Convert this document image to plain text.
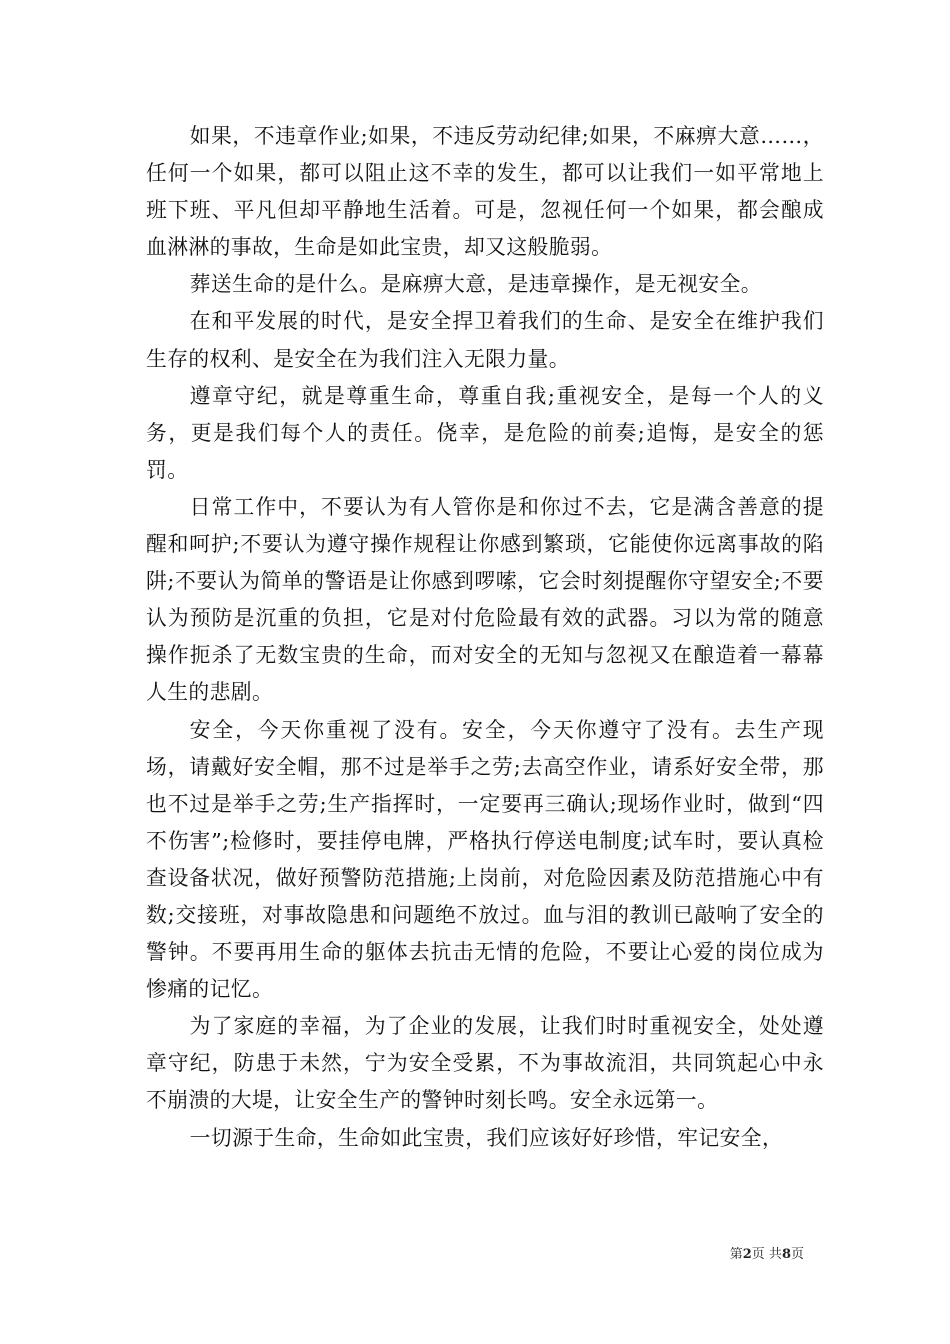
如果，不违章作业;如果，不违反劳动纪律;如果，不麻痹大意……，任何一个如果，都可以阻止这不幸的发生，都可以让我们一如平常地上班下班、平凡但却平静地生活着。可是，忽视任何一个如果，都会酿成血淋淋的事故，生命是如此宝贵，却又这般脆弱。

葬送生命的是什么。是麻痹大意，是违章操作，是无视安全。

在和平发展的时代，是安全捍卫着我们的生命、是安全在维护我们生存的权利、是安全在为我们注入无限力量。

遵章守纪，就是尊重生命，尊重自我;重视安全，是每一个人的义务，更是我们每个人的责任。侥幸，是危险的前奏;追悔，是安全的惩罚。

日常工作中，不要认为有人管你是和你过不去，它是满含善意的提醒和呵护;不要认为遵守操作规程让你感到繁琐，它能使你远离事故的陷阱;不要认为简单的警语是让你感到啰嗦，它会时刻提醒你守望安全;不要认为预防是沉重的负担，它是对付危险最有效的武器。习以为常的随意操作扼杀了无数宝贵的生命，而对安全的无知与忽视又在酿造着一幕幕人生的悲剧。

安全，今天你重视了没有。安全，今天你遵守了没有。去生产现场，请戴好安全帽，那不过是举手之劳;去高空作业，请系好安全带，那也不过是举手之劳;生产指挥时，一定要再三确认;现场作业时，做到“四不伤害”;检修时，要挂停电牌，严格执行停送电制度;试车时，要认真检查设备状况，做好预警防范措施;上岗前，对危险因素及防范措施心中有数;交接班，对事故隐患和问题绝不放过。血与泪的教训已敲响了安全的警钟。不要再用生命的躯体去抗击无情的危险，不要让心爱的岗位成为惨痛的记忆。

为了家庭的幸福，为了企业的发展，让我们时时重视安全，处处遵章守纪，防患于未然，宁为安全受累，不为事故流泪，共同筑起心中永不崩溃的大堤，让安全生产的警钟时刻长鸣。安全永远第一。

一切源于生命，生命如此宝贵，我们应该好好珍惜，牢记安全，

第2页 共8页
